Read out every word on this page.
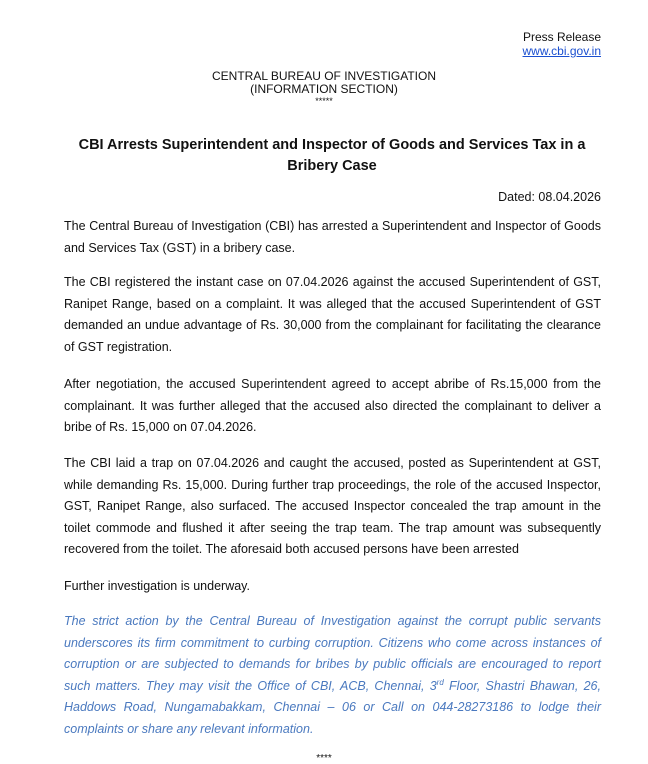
Press Release
www.cbi.gov.in
CENTRAL BUREAU OF INVESTIGATION
(INFORMATION SECTION)
*****
CBI Arrests Superintendent and Inspector of Goods and Services Tax in a Bribery Case
Dated: 08.04.2026

The Central Bureau of Investigation (CBI) has arrested a Superintendent and Inspector of Goods and Services Tax (GST) in a bribery case.

The CBI registered the instant case on 07.04.2026 against the accused Superintendent of GST, Ranipet Range, based on a complaint. It was alleged that the accused Superintendent of GST demanded an undue advantage of Rs. 30,000 from the complainant for facilitating the clearance of GST registration.

After negotiation, the accused Superintendent agreed to accept abribe of Rs.15,000 from the complainant. It was further alleged that the accused also directed the complainant to deliver a bribe of Rs. 15,000 on 07.04.2026.

The CBI laid a trap on 07.04.2026 and caught the accused, posted as Superintendent at GST, while demanding Rs. 15,000. During further trap proceedings, the role of the accused Inspector, GST, Ranipet Range, also surfaced. The accused Inspector concealed the trap amount in the toilet commode and flushed it after seeing the trap team. The trap amount was subsequently recovered from the toilet. The aforesaid both accused persons have been arrested

Further investigation is underway.

The strict action by the Central Bureau of Investigation against the corrupt public servants underscores its firm commitment to curbing corruption. Citizens who come across instances of corruption or are subjected to demands for bribes by public officials are encouraged to report such matters. They may visit the Office of CBI, ACB, Chennai, 3rd Floor, Shastri Bhawan, 26, Haddows Road, Nungamabakkam, Chennai – 06 or Call on 044-28273186 to lodge their complaints or share any relevant information.

****
